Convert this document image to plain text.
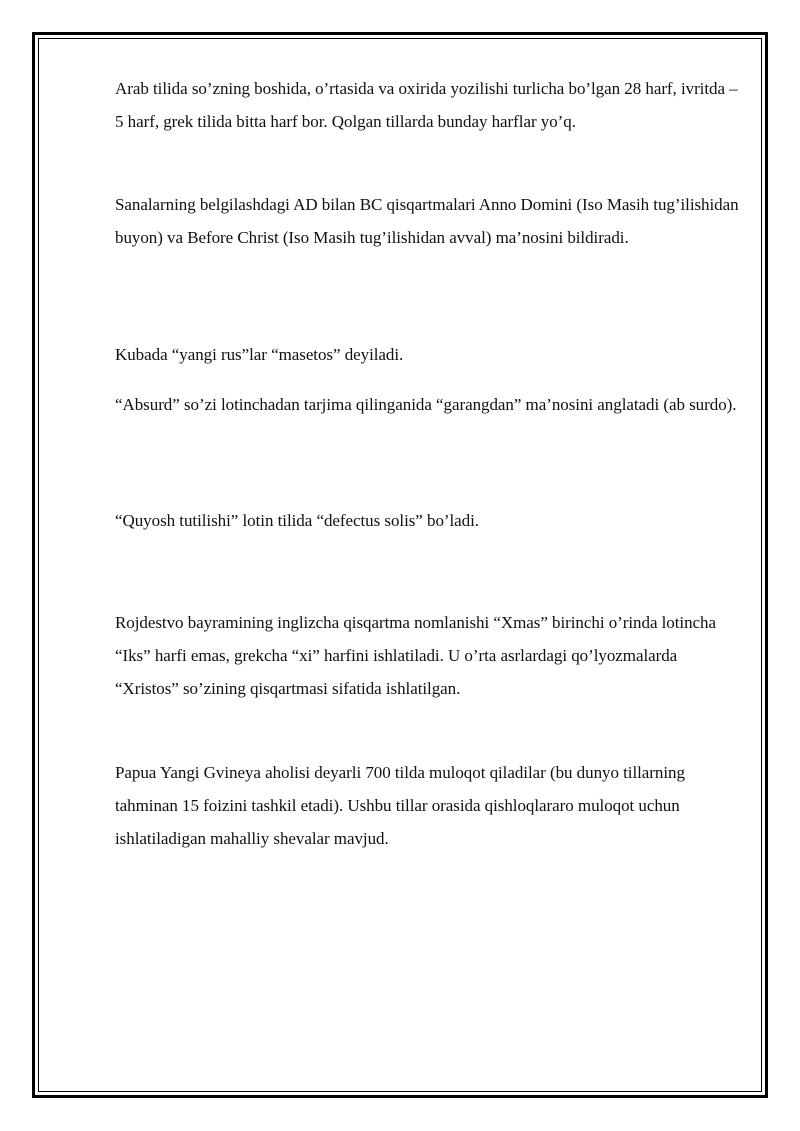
Arab tilida so’zning boshida, o’rtasida va oxirida yozilishi turlicha bo’lgan 28 harf, ivritda – 5 harf, grek tilida bitta harf bor. Qolgan tillarda bunday harflar yo’q.

Sanalarning belgilashdagi AD bilan BC qisqartmalari Anno Domini (Iso Masih tug’ilishidan buyon) va Before Christ (Iso Masih tug’ilishidan avval) ma’nosini bildiradi.

Kubada “yangi rus”lar “masetos” deyiladi.

“Absurd” so’zi lotinchadan tarjima qilinganida “garangdan” ma’nosini anglatadi (ab surdo).

“Quyosh tutilishi” lotin tilida “defectus solis” bo’ladi.

Rojdestvo bayramining inglizcha qisqartma nomlanishi “Xmas” birinchi o’rinda lotincha “Iks” harfi emas, grekcha “xi” harfini ishlatiladi. U o’rta asrlardagi qo’lyozmalarda “Xristos” so’zining qisqartmasi sifatida ishlatilgan.

Papua Yangi Gvineya aholisi deyarli 700 tilda muloqot qiladilar (bu dunyo tillarning tahminan 15 foizini tashkil etadi). Ushbu tillar orasida qishloqlararo muloqot uchun ishlatiladigan mahalliy shevalar mavjud.
